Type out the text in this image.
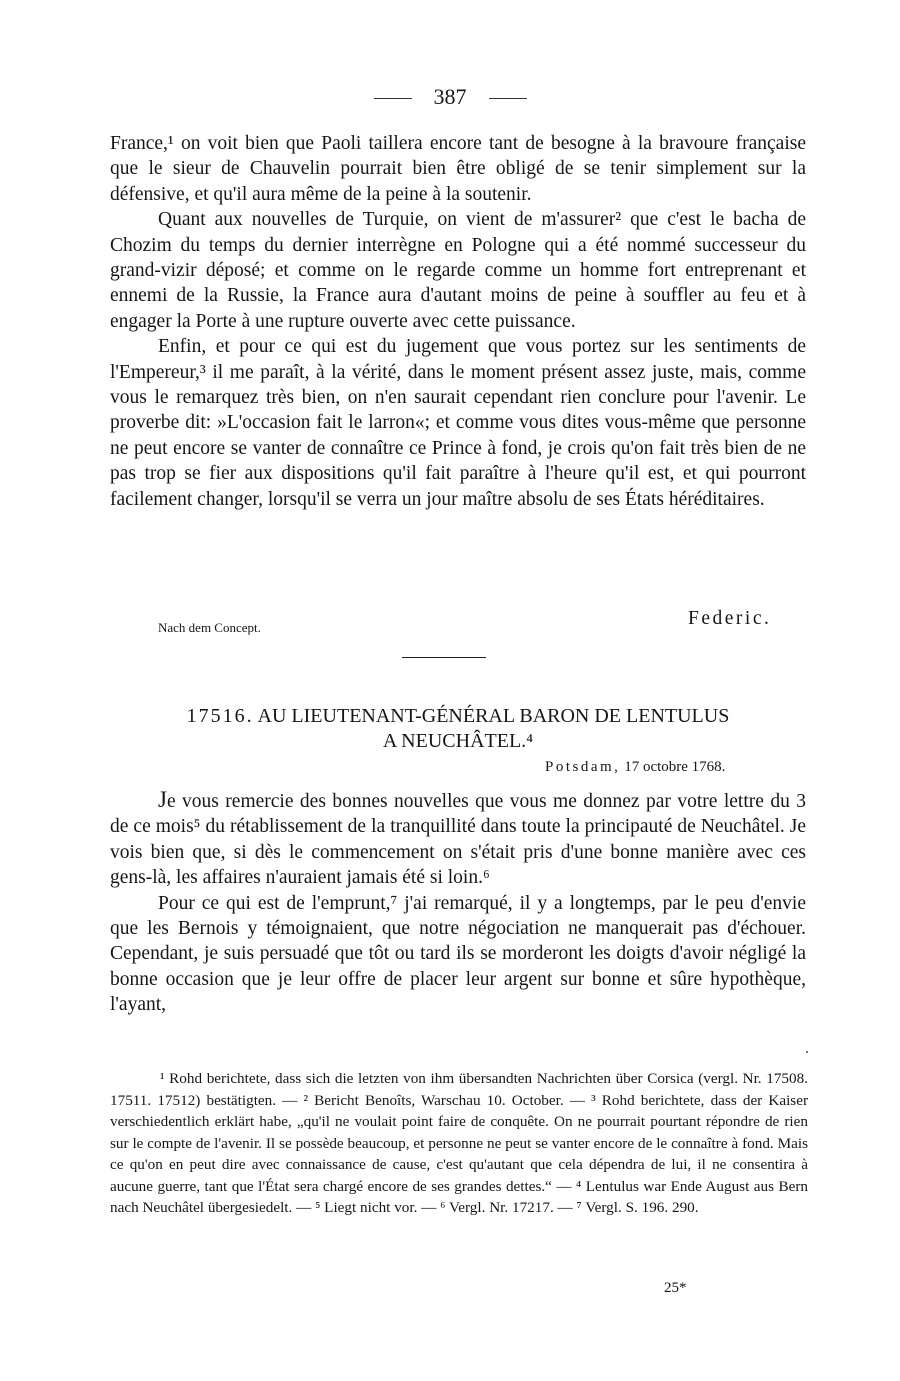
387

France,¹ on voit bien que Paoli taillera encore tant de besogne à la bravoure française que le sieur de Chauvelin pourrait bien être obligé de se tenir simplement sur la défensive, et qu'il aura même de la peine à la soutenir.

Quant aux nouvelles de Turquie, on vient de m'assurer² que c'est le bacha de Chozim du temps du dernier interrègne en Pologne qui a été nommé successeur du grand-vizir déposé; et comme on le regarde comme un homme fort entreprenant et ennemi de la Russie, la France aura d'autant moins de peine à souffler au feu et à engager la Porte à une rupture ouverte avec cette puissance.

Enfin, et pour ce qui est du jugement que vous portez sur les sentiments de l'Empereur,³ il me paraît, à la vérité, dans le moment présent assez juste, mais, comme vous le remarquez très bien, on n'en saurait cependant rien conclure pour l'avenir. Le proverbe dit: »L'occasion fait le larron«; et comme vous dites vous-même que personne ne peut encore se vanter de connaître ce Prince à fond, je crois qu'on fait très bien de ne pas trop se fier aux dispositions qu'il fait paraître à l'heure qu'il est, et qui pourront facilement changer, lorsqu'il se verra un jour maître absolu de ses États héréditaires.

Nach dem Concept.	Federic.
17516. AU LIEUTENANT-GÉNÉRAL BARON DE LENTULUS
A NEUCHÂTEL.⁴
Potsdam, 17 octobre 1768.

Je vous remercie des bonnes nouvelles que vous me donnez par votre lettre du 3 de ce mois⁵ du rétablissement de la tranquillité dans toute la principauté de Neuchâtel. Je vois bien que, si dès le commencement on s'était pris d'une bonne manière avec ces gens-là, les affaires n'auraient jamais été si loin.⁶

Pour ce qui est de l'emprunt,⁷ j'ai remarqué, il y a longtemps, par le peu d'envie que les Bernois y témoignaient, que notre négociation ne manquerait pas d'échouer. Cependant, je suis persuadé que tôt ou tard ils se morderont les doigts d'avoir négligé la bonne occasion que je leur offre de placer leur argent sur bonne et sûre hypothèque, l'ayant,

¹ Rohd berichtete, dass sich die letzten von ihm übersandten Nachrichten über Corsica (vergl. Nr. 17508. 17511. 17512) bestätigten. — ² Bericht Benoîts, Warschau 10. October. — ³ Rohd berichtete, dass der Kaiser verschiedentlich erklärt habe, „qu'il ne voulait point faire de conquête. On ne pourrait pourtant répondre de rien sur le compte de l'avenir. Il se possède beaucoup, et personne ne peut se vanter encore de le connaître à fond. Mais ce qu'on en peut dire avec connaissance de cause, c'est qu'autant que cela dépendra de lui, il ne consentira à aucune guerre, tant que l'État sera chargé encore de ses grandes dettes.“ — ⁴ Lentulus war Ende August aus Bern nach Neuchâtel übergesiedelt. — ⁵ Liegt nicht vor. — ⁶ Vergl. Nr. 17217. — ⁷ Vergl. S. 196. 290.

25*
